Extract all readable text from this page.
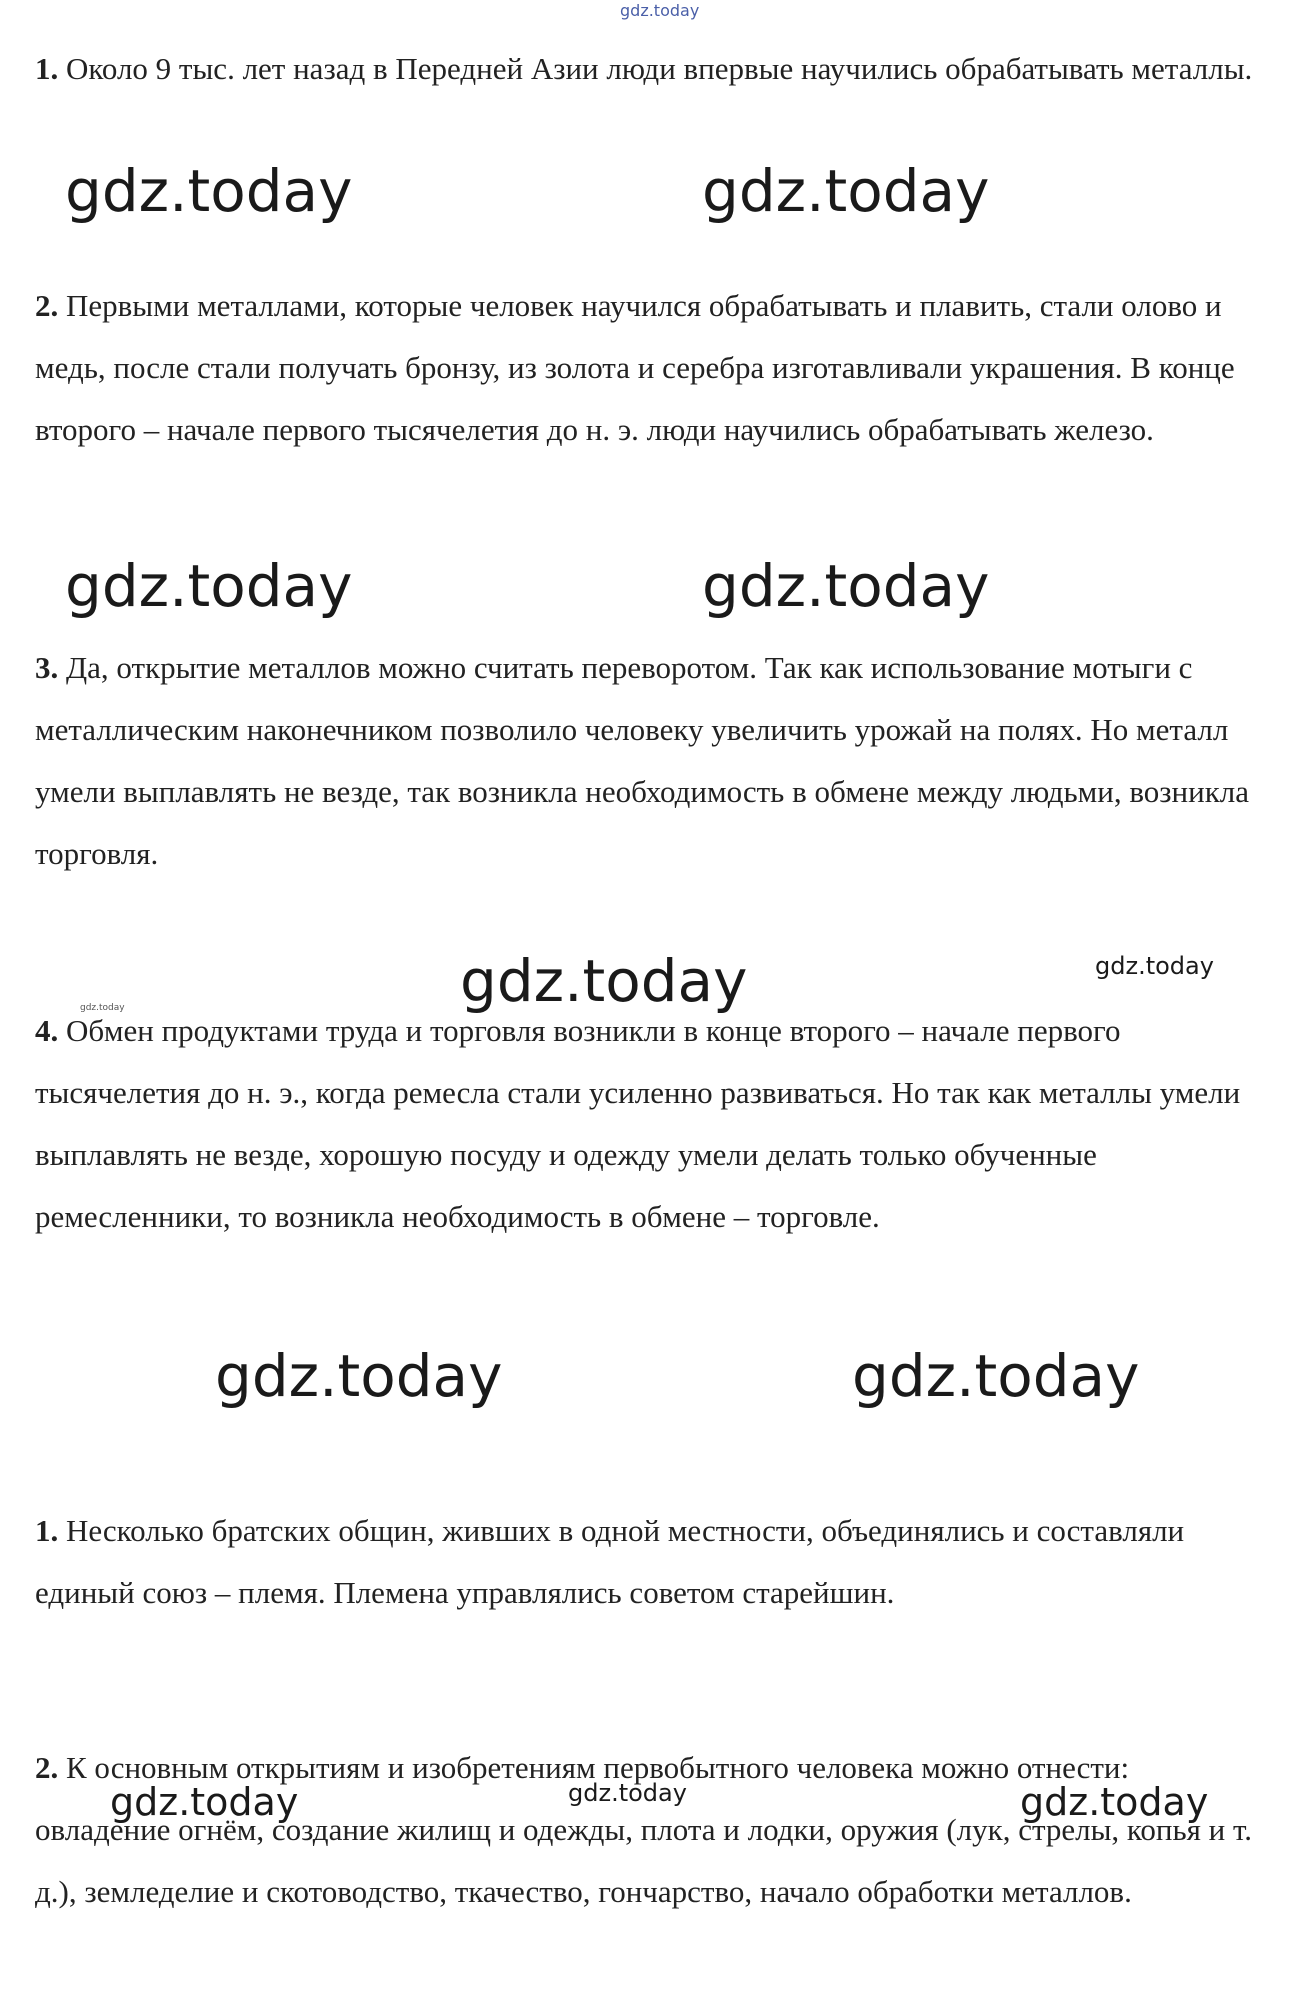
gdz.today

1. Около 9 тыс. лет назад в Передней Азии люди впервые научились обрабатывать металлы.

gdz.today	gdz.today

2. Первыми металлами, которые человек научился обрабатывать и плавить, стали олово и медь, после стали получать бронзу, из золота и серебра изготавливали украшения. В конце второго – начале первого тысячелетия до н. э. люди научились обрабатывать железо.

gdz.today	gdz.today

3. Да, открытие металлов можно считать переворотом. Так как использование мотыги с металлическим наконечником позволило человеку увеличить урожай на полях. Но металл умели выплавлять не везде, так возникла необходимость в обмене между людьми, возникла торговля.

gdz.today	gdz.today
gdz.today

4. Обмен продуктами труда и торговля возникли в конце второго – начале первого тысячелетия до н. э., когда ремесла стали усиленно развиваться. Но так как металлы умели выплавлять не везде, хорошую посуду и одежду умели делать только обученные ремесленники, то возникла необходимость в обмене – торговле.

gdz.today	gdz.today

1. Несколько братских общин, живших в одной местности, объединялись и составляли единый союз – племя. Племена управлялись советом старейшин.

2. К основным открытиям и изобретениям первобытного человека можно отнести: овладение огнём, создание жилищ и одежды, плота и лодки, оружия (лук, стрелы, копья и т. д.), земледелие и скотоводство, ткачество, гончарство, начало обработки металлов.

gdz.today	gdz.today	gdz.today
